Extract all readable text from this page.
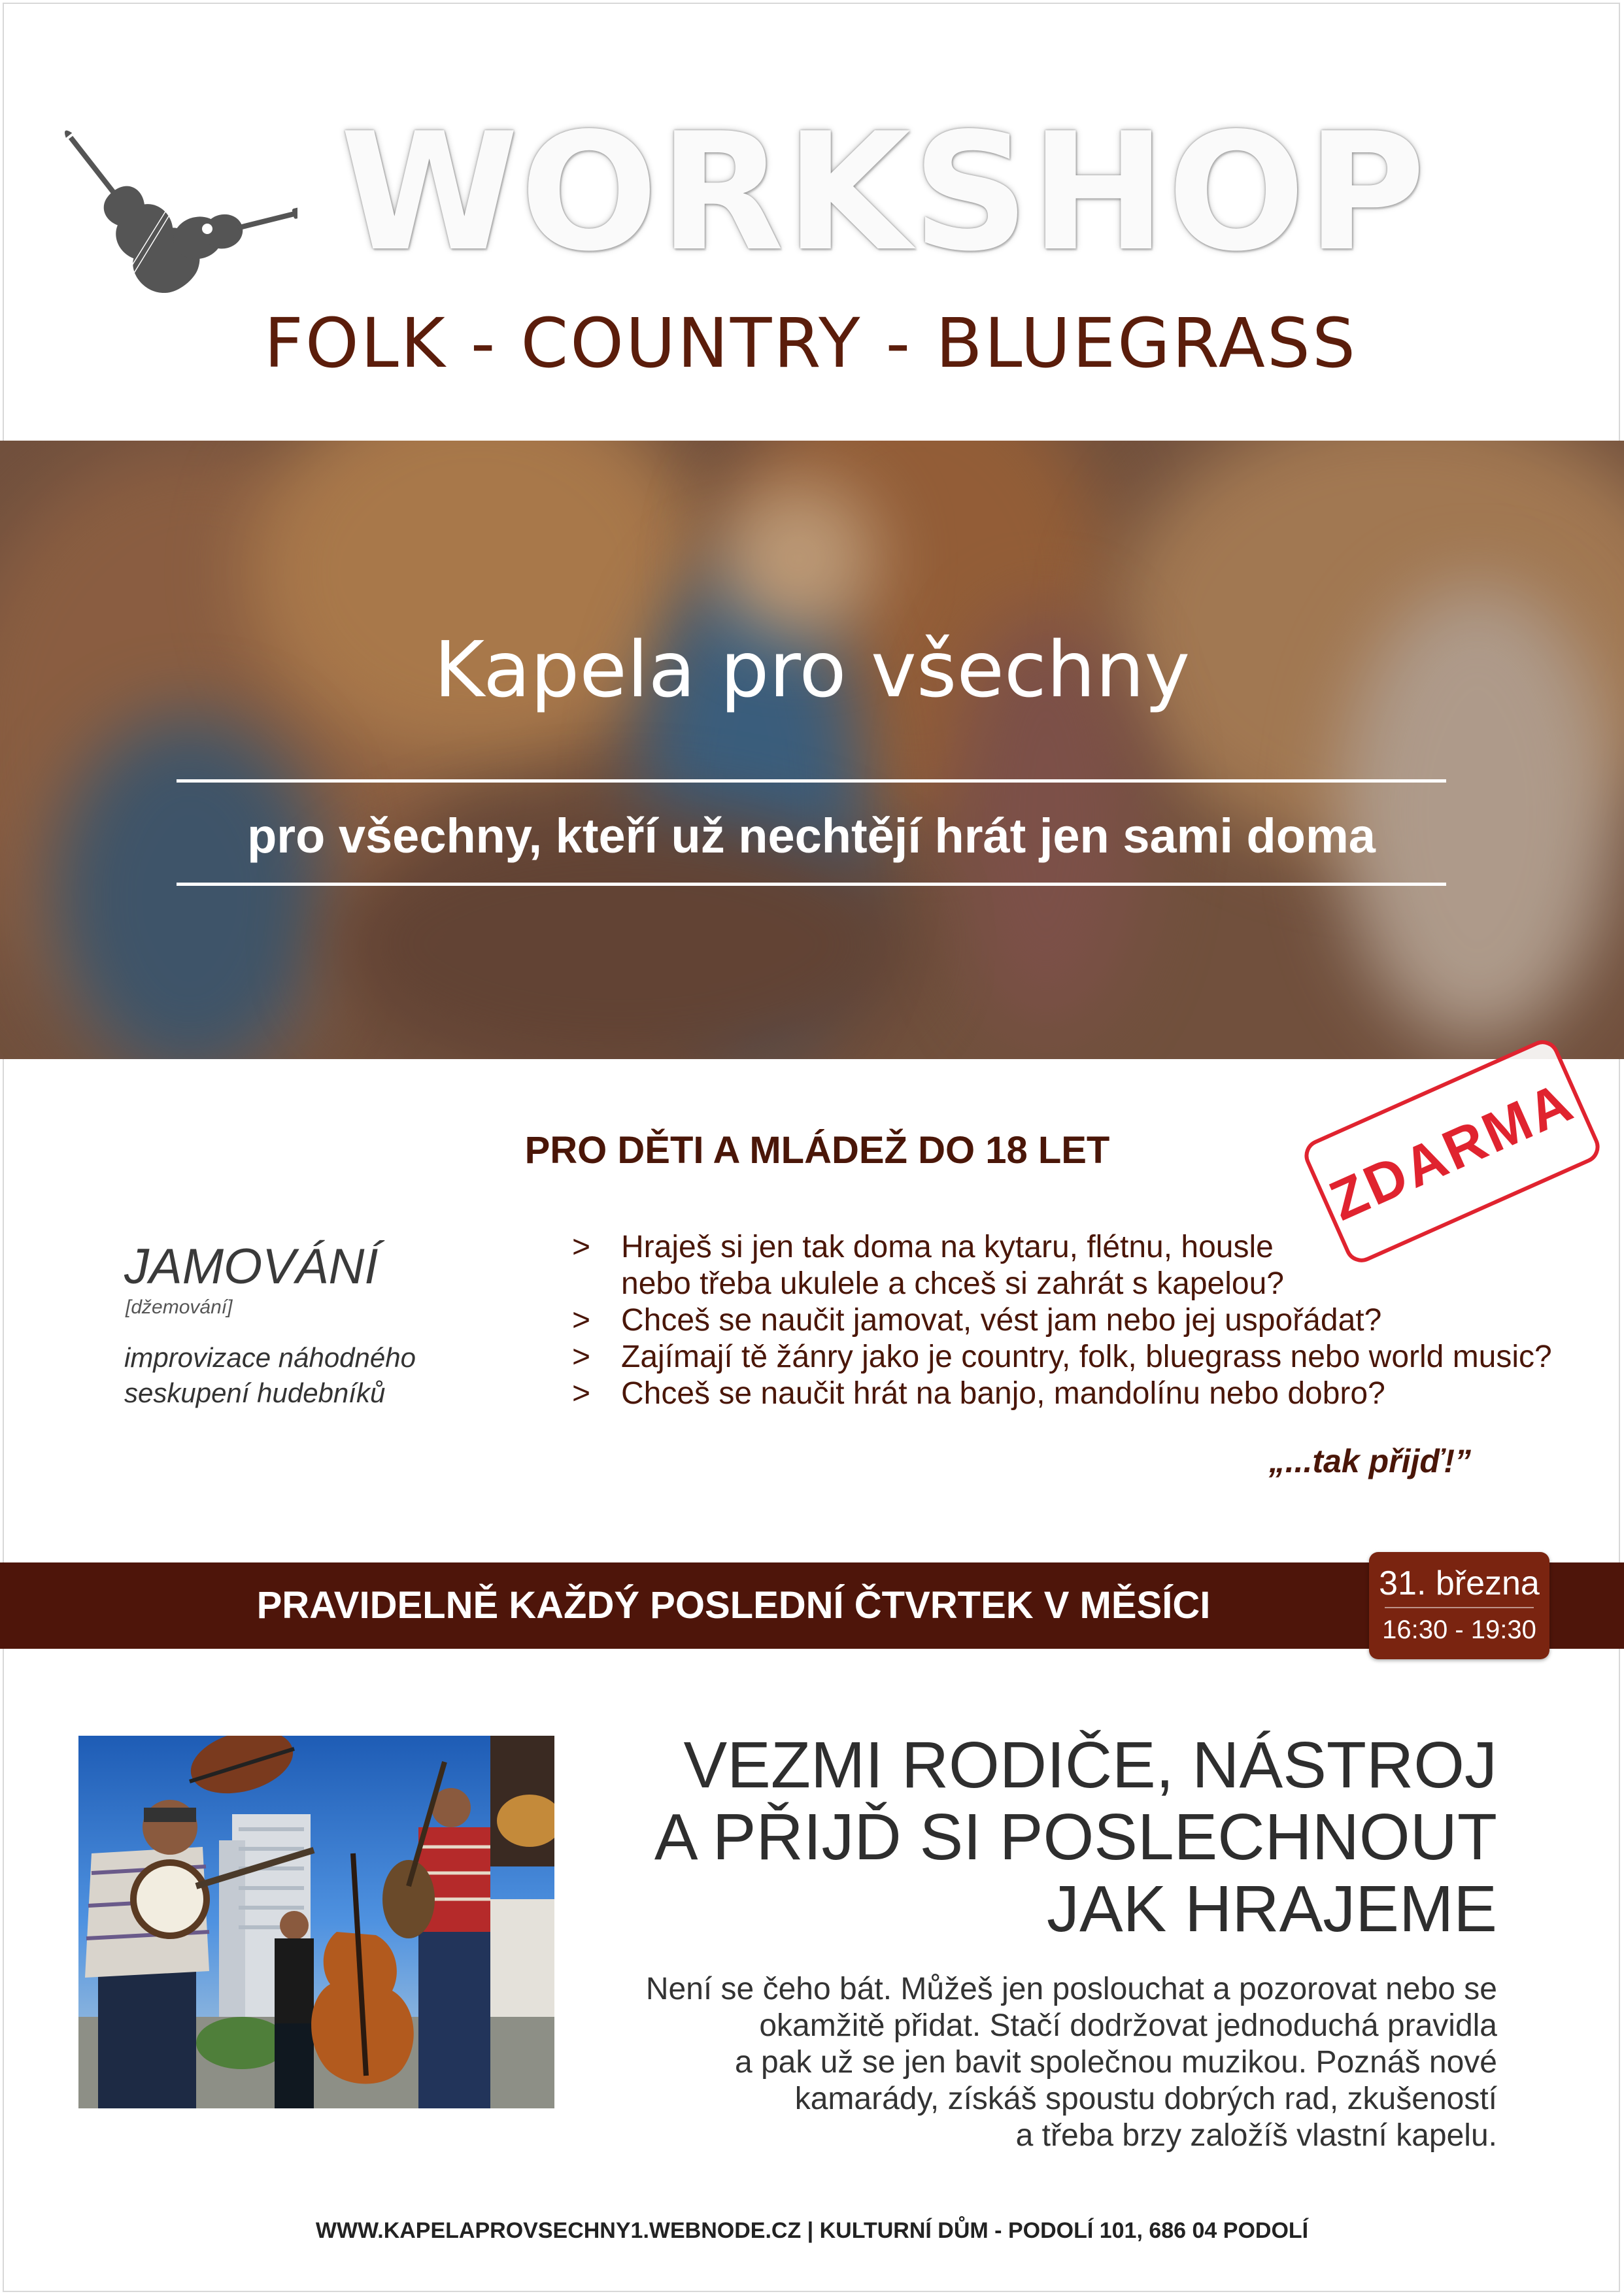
WORKSHOP
FOLK - COUNTRY - BLUEGRASS
Kapela pro všechny
pro všechny, kteří už nechtějí hrát jen sami doma
ZDARMA
PRO DĚTI A MLÁDEŽ DO 18 LET
JAMOVÁNÍ
[džemování]
improvizace náhodného
seskupení hudebníků
> Hraješ si jen tak doma na kytaru, flétnu, housle
nebo třeba ukulele a chceš si zahrát s kapelou?
> Chceš se naučit jamovat, vést jam nebo jej uspořádat?
> Zajímají tě žánry jako je country, folk, bluegrass nebo world music?
> Chceš se naučit hrát na banjo, mandolínu nebo dobro?
„...tak přijď!”
PRAVIDELNĚ KAŽDÝ POSLEDNÍ ČTVRTEK V MĚSÍCI
31. března
16:30 - 19:30
VEZMI RODIČE, NÁSTROJ
A PŘIJĎ SI POSLECHNOUT
JAK HRAJEME
Není se čeho bát. Můžeš jen poslouchat a pozorovat nebo se
okamžitě přidat. Stačí dodržovat jednoduchá pravidla
a pak už se jen bavit společnou muzikou. Poznáš nové
kamarády, získáš spoustu dobrých rad, zkušeností
a třeba brzy založíš vlastní kapelu.
WWW.KAPELAPROVSECHNY1.WEBNODE.CZ | KULTURNÍ DŮM - PODOLÍ 101, 686 04 PODOLÍ
